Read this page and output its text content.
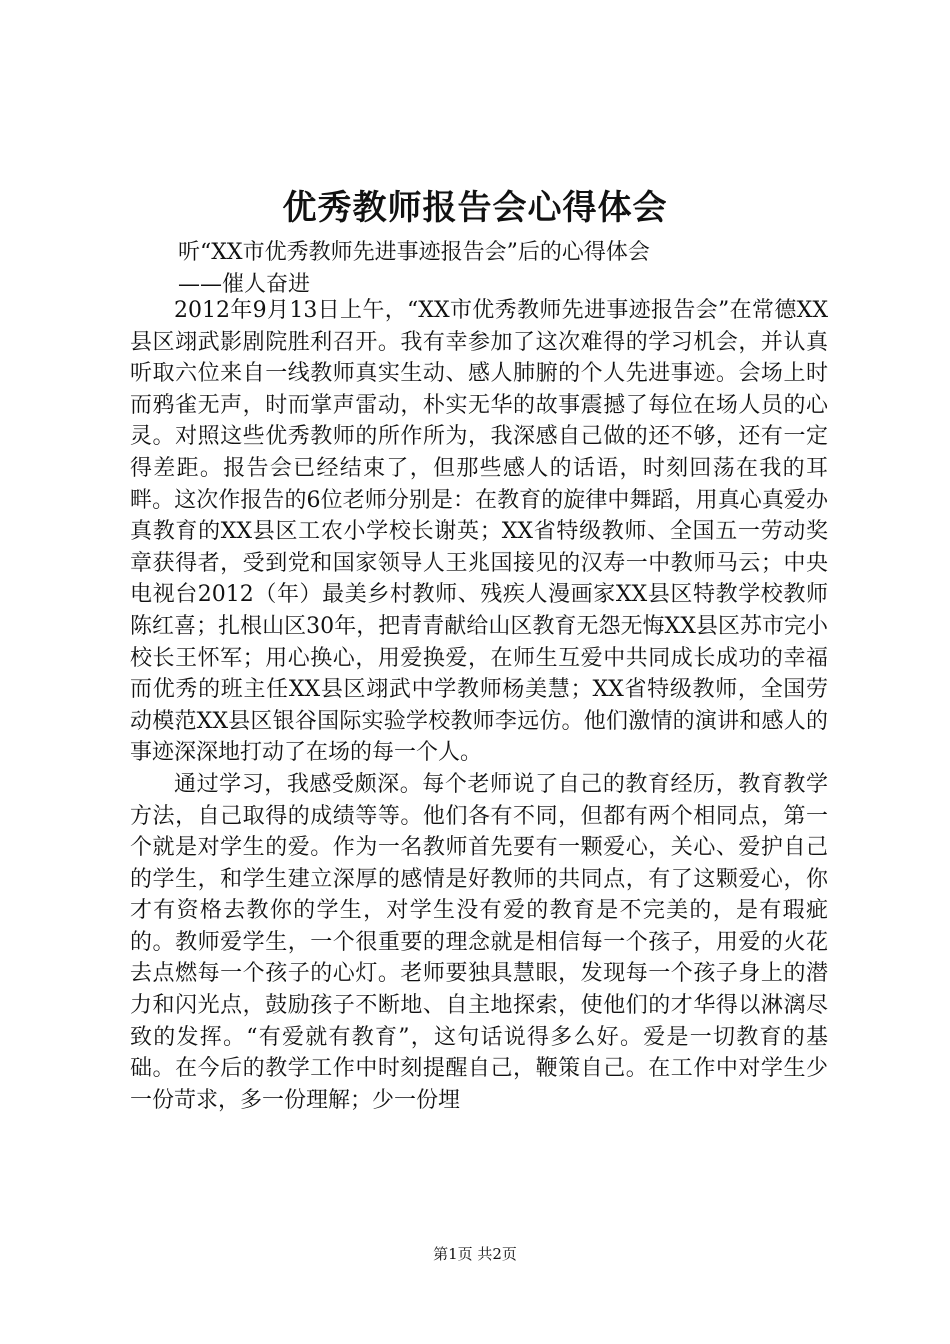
优秀教师报告会心得体会
听“XX市优秀教师先进事迹报告会”后的心得体会
——催人奋进

2012年9月13日上午，“XX市优秀教师先进事迹报告会”在常德XX县区翊武影剧院胜利召开。我有幸参加了这次难得的学习机会，并认真听取六位来自一线教师真实生动、感人肺腑的个人先进事迹。会场上时而鸦雀无声，时而掌声雷动，朴实无华的故事震撼了每位在场人员的心灵。对照这些优秀教师的所作所为，我深感自己做的还不够，还有一定得差距。报告会已经结束了，但那些感人的话语，时刻回荡在我的耳畔。这次作报告的6位老师分别是：在教育的旋律中舞蹈，用真心真爱办真教育的XX县区工农小学校长谢英；XX省特级教师、全国五一劳动奖章获得者，受到党和国家领导人王兆国接见的汉寿一中教师马云；中央电视台2012（年）最美乡村教师、残疾人漫画家XX县区特教学校教师陈红喜；扎根山区30年，把青青献给山区教育无怨无悔XX县区苏市完小校长王怀军；用心换心，用爱换爱，在师生互爱中共同成长成功的幸福而优秀的班主任XX县区翊武中学教师杨美慧；XX省特级教师，全国劳动模范XX县区银谷国际实验学校教师李远仿。他们激情的演讲和感人的事迹深深地打动了在场的每一个人。

通过学习，我感受颇深。每个老师说了自己的教育经历，教育教学方法，自己取得的成绩等等。他们各有不同，但都有两个相同点，第一个就是对学生的爱。作为一名教师首先要有一颗爱心，关心、爱护自己的学生，和学生建立深厚的感情是好教师的共同点，有了这颗爱心，你才有资格去教你的学生，对学生没有爱的教育是不完美的，是有瑕疵的。教师爱学生，一个很重要的理念就是相信每一个孩子，用爱的火花去点燃每一个孩子的心灯。老师要独具慧眼，发现每一个孩子身上的潜力和闪光点，鼓励孩子不断地、自主地探索，使他们的才华得以淋漓尽致的发挥。“有爱就有教育”，这句话说得多么好。爱是一切教育的基础。在今后的教学工作中时刻提醒自己，鞭策自己。在工作中对学生少一份苛求，多一份理解；少一份埋

第1页 共2页
